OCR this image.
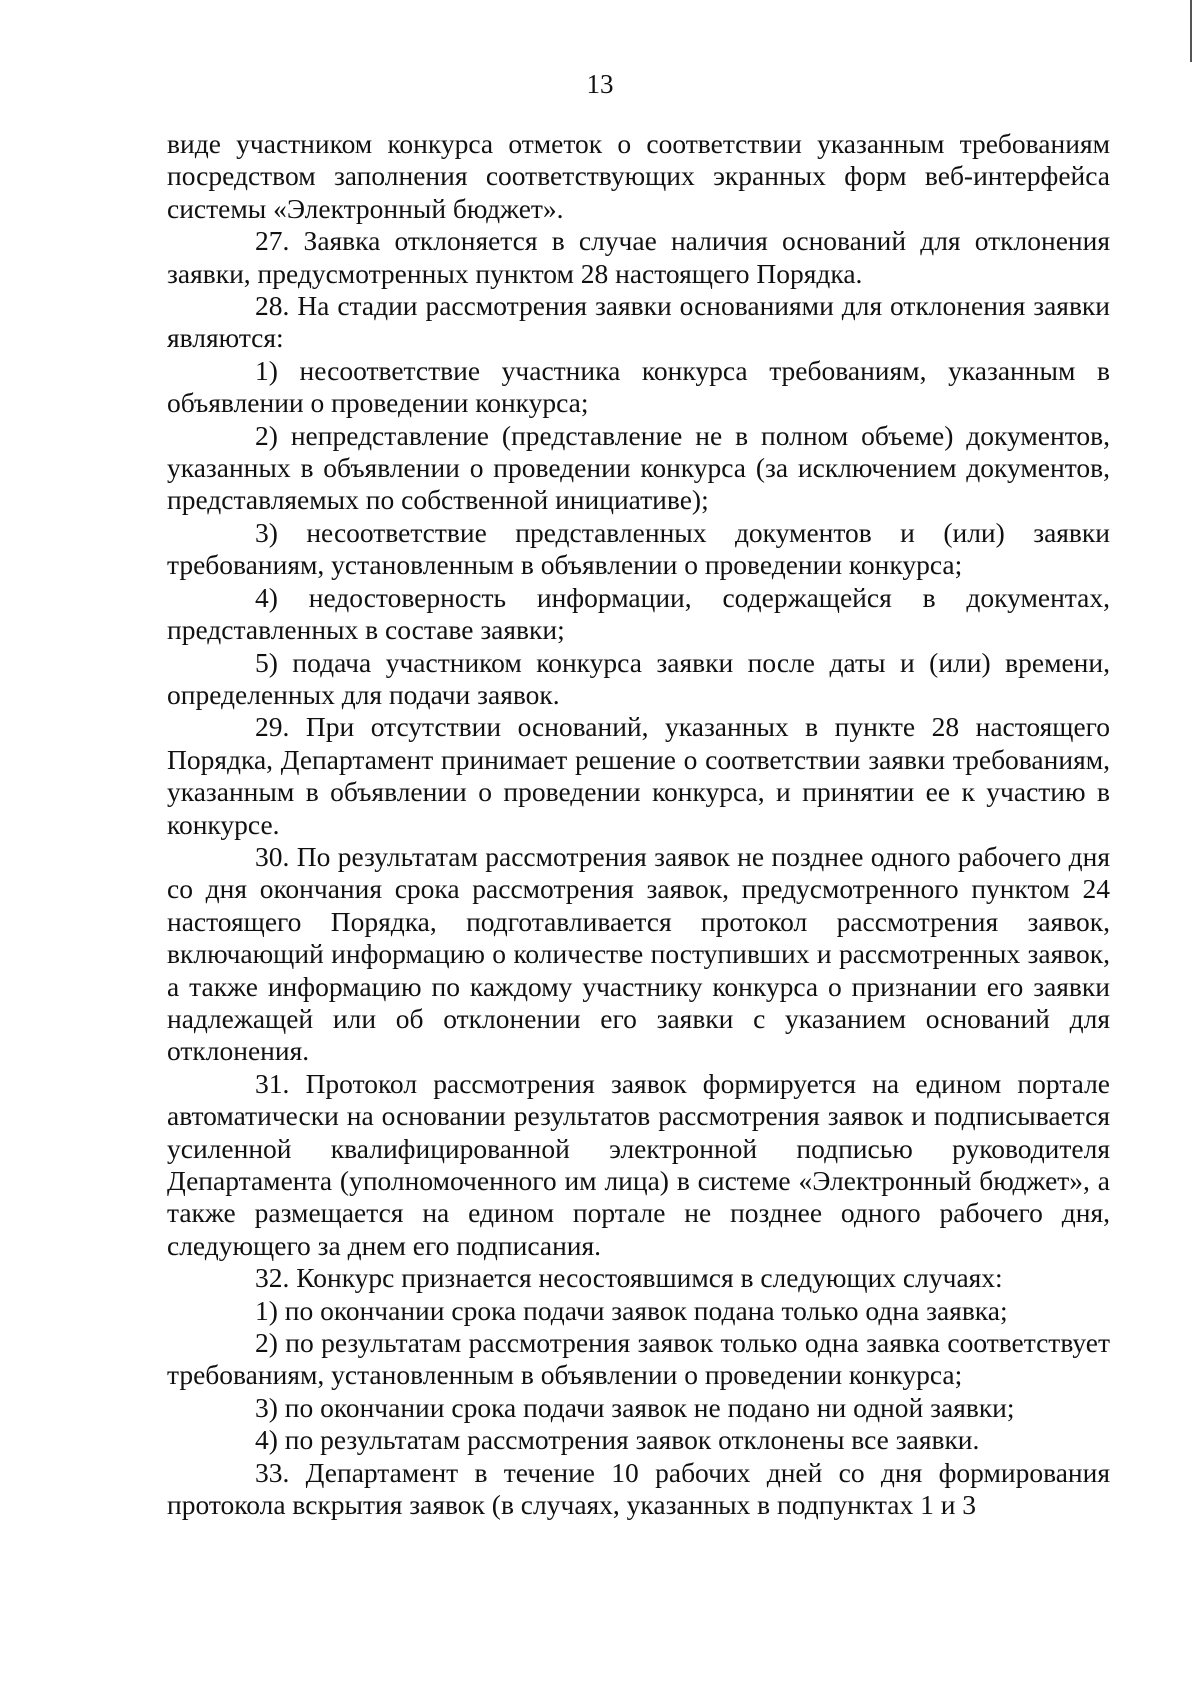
13

виде участником конкурса отметок о соответствии указанным требованиям посредством заполнения соответствующих экранных форм веб-интерфейса системы «Электронный бюджет».

27. Заявка отклоняется в случае наличия оснований для отклонения заявки, предусмотренных пунктом 28 настоящего Порядка.

28. На стадии рассмотрения заявки основаниями для отклонения заявки являются:

1) несоответствие участника конкурса требованиям, указанным в объявлении о проведении конкурса;

2) непредставление (представление не в полном объеме) документов, указанных в объявлении о проведении конкурса (за исключением документов, представляемых по собственной инициативе);

3) несоответствие представленных документов и (или) заявки требованиям, установленным в объявлении о проведении конкурса;

4) недостоверность информации, содержащейся в документах, представленных в составе заявки;

5) подача участником конкурса заявки после даты и (или) времени, определенных для подачи заявок.

29. При отсутствии оснований, указанных в пункте 28 настоящего Порядка, Департамент принимает решение о соответствии заявки требованиям, указанным в объявлении о проведении конкурса, и принятии ее к участию в конкурсе.

30. По результатам рассмотрения заявок не позднее одного рабочего дня со дня окончания срока рассмотрения заявок, предусмотренного пунктом 24 настоящего Порядка, подготавливается протокол рассмотрения заявок, включающий информацию о количестве поступивших и рассмотренных заявок, а также информацию по каждому участнику конкурса о признании его заявки надлежащей или об отклонении его заявки с указанием оснований для отклонения.

31. Протокол рассмотрения заявок формируется на едином портале автоматически на основании результатов рассмотрения заявок и подписывается усиленной квалифицированной электронной подписью руководителя Департамента (уполномоченного им лица) в системе «Электронный бюджет», а также размещается на едином портале не позднее одного рабочего дня, следующего за днем его подписания.

32. Конкурс признается несостоявшимся в следующих случаях:

1) по окончании срока подачи заявок подана только одна заявка;

2) по результатам рассмотрения заявок только одна заявка соответствует требованиям, установленным в объявлении о проведении конкурса;

3) по окончании срока подачи заявок не подано ни одной заявки;

4) по результатам рассмотрения заявок отклонены все заявки.

33. Департамент в течение 10 рабочих дней со дня формирования протокола вскрытия заявок (в случаях, указанных в подпунктах 1 и 3
